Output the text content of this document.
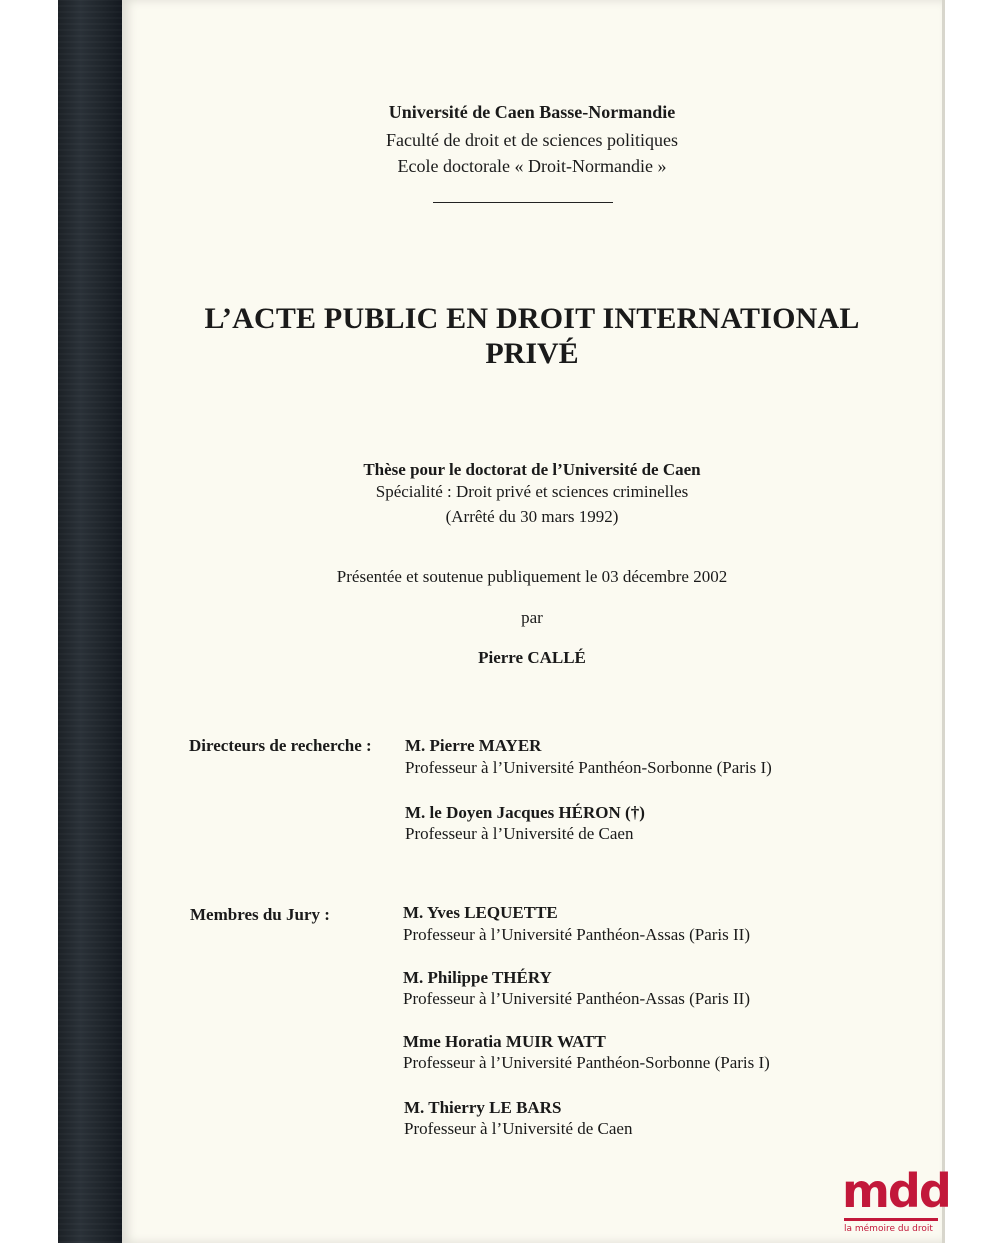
Université de Caen Basse-Normandie
Faculté de droit et de sciences politiques
Ecole doctorale « Droit-Normandie »
L’ACTE PUBLIC EN DROIT INTERNATIONAL
PRIVÉ
Thèse pour le doctorat de l’Université de Caen
Spécialité : Droit privé et sciences criminelles
(Arrêté du 30 mars 1992)
Présentée et soutenue publiquement le 03 décembre 2002
par
Pierre CALLÉ
Directeurs de recherche : M. Pierre MAYER
Professeur à l’Université Panthéon-Sorbonne (Paris I)
M. le Doyen Jacques HÉRON (†)
Professeur à l’Université de Caen
Membres du Jury :	M. Yves LEQUETTE
Professeur à l’Université Panthéon-Assas (Paris II)
M. Philippe THÉRY
Professeur à l’Université Panthéon-Assas (Paris II)
Mme Horatia MUIR WATT
Professeur à l’Université Panthéon-Sorbonne (Paris I)
M. Thierry LE BARS
Professeur à l’Université de Caen
mdd
la mémoire du droit
